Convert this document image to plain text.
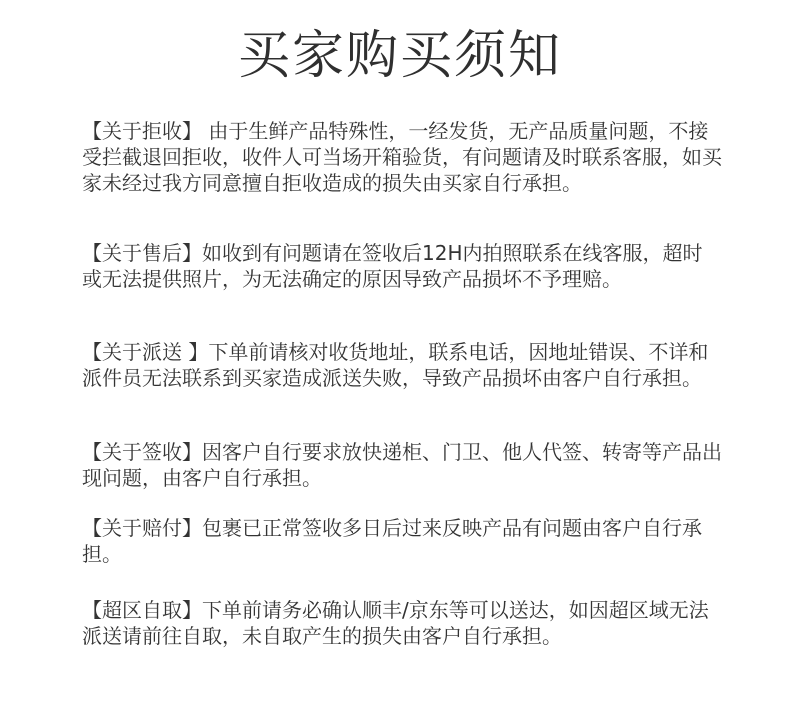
买家购买须知

【关于拒收】 由于生鲜产品特殊性，一经发货，无产品质量问题，不接受拦截退回拒收，收件人可当场开箱验货，有问题请及时联系客服，如买家未经过我方同意擅自拒收造成的损失由买家自行承担。

【关于售后】如收到有问题请在签收后12H内拍照联系在线客服，超时或无法提供照片，为无法确定的原因导致产品损坏不予理赔。

【关于派送 】下单前请核对收货地址，联系电话，因地址错误、不详和派件员无法联系到买家造成派送失败，导致产品损坏由客户自行承担。

【关于签收】因客户自行要求放快递柜、门卫、他人代签、转寄等产品出现问题，由客户自行承担。

【关于赔付】包裹已正常签收多日后过来反映产品有问题由客户自行承担。

【超区自取】下单前请务必确认顺丰/京东等可以送达，如因超区域无法派送请前往自取，未自取产生的损失由客户自行承担。
